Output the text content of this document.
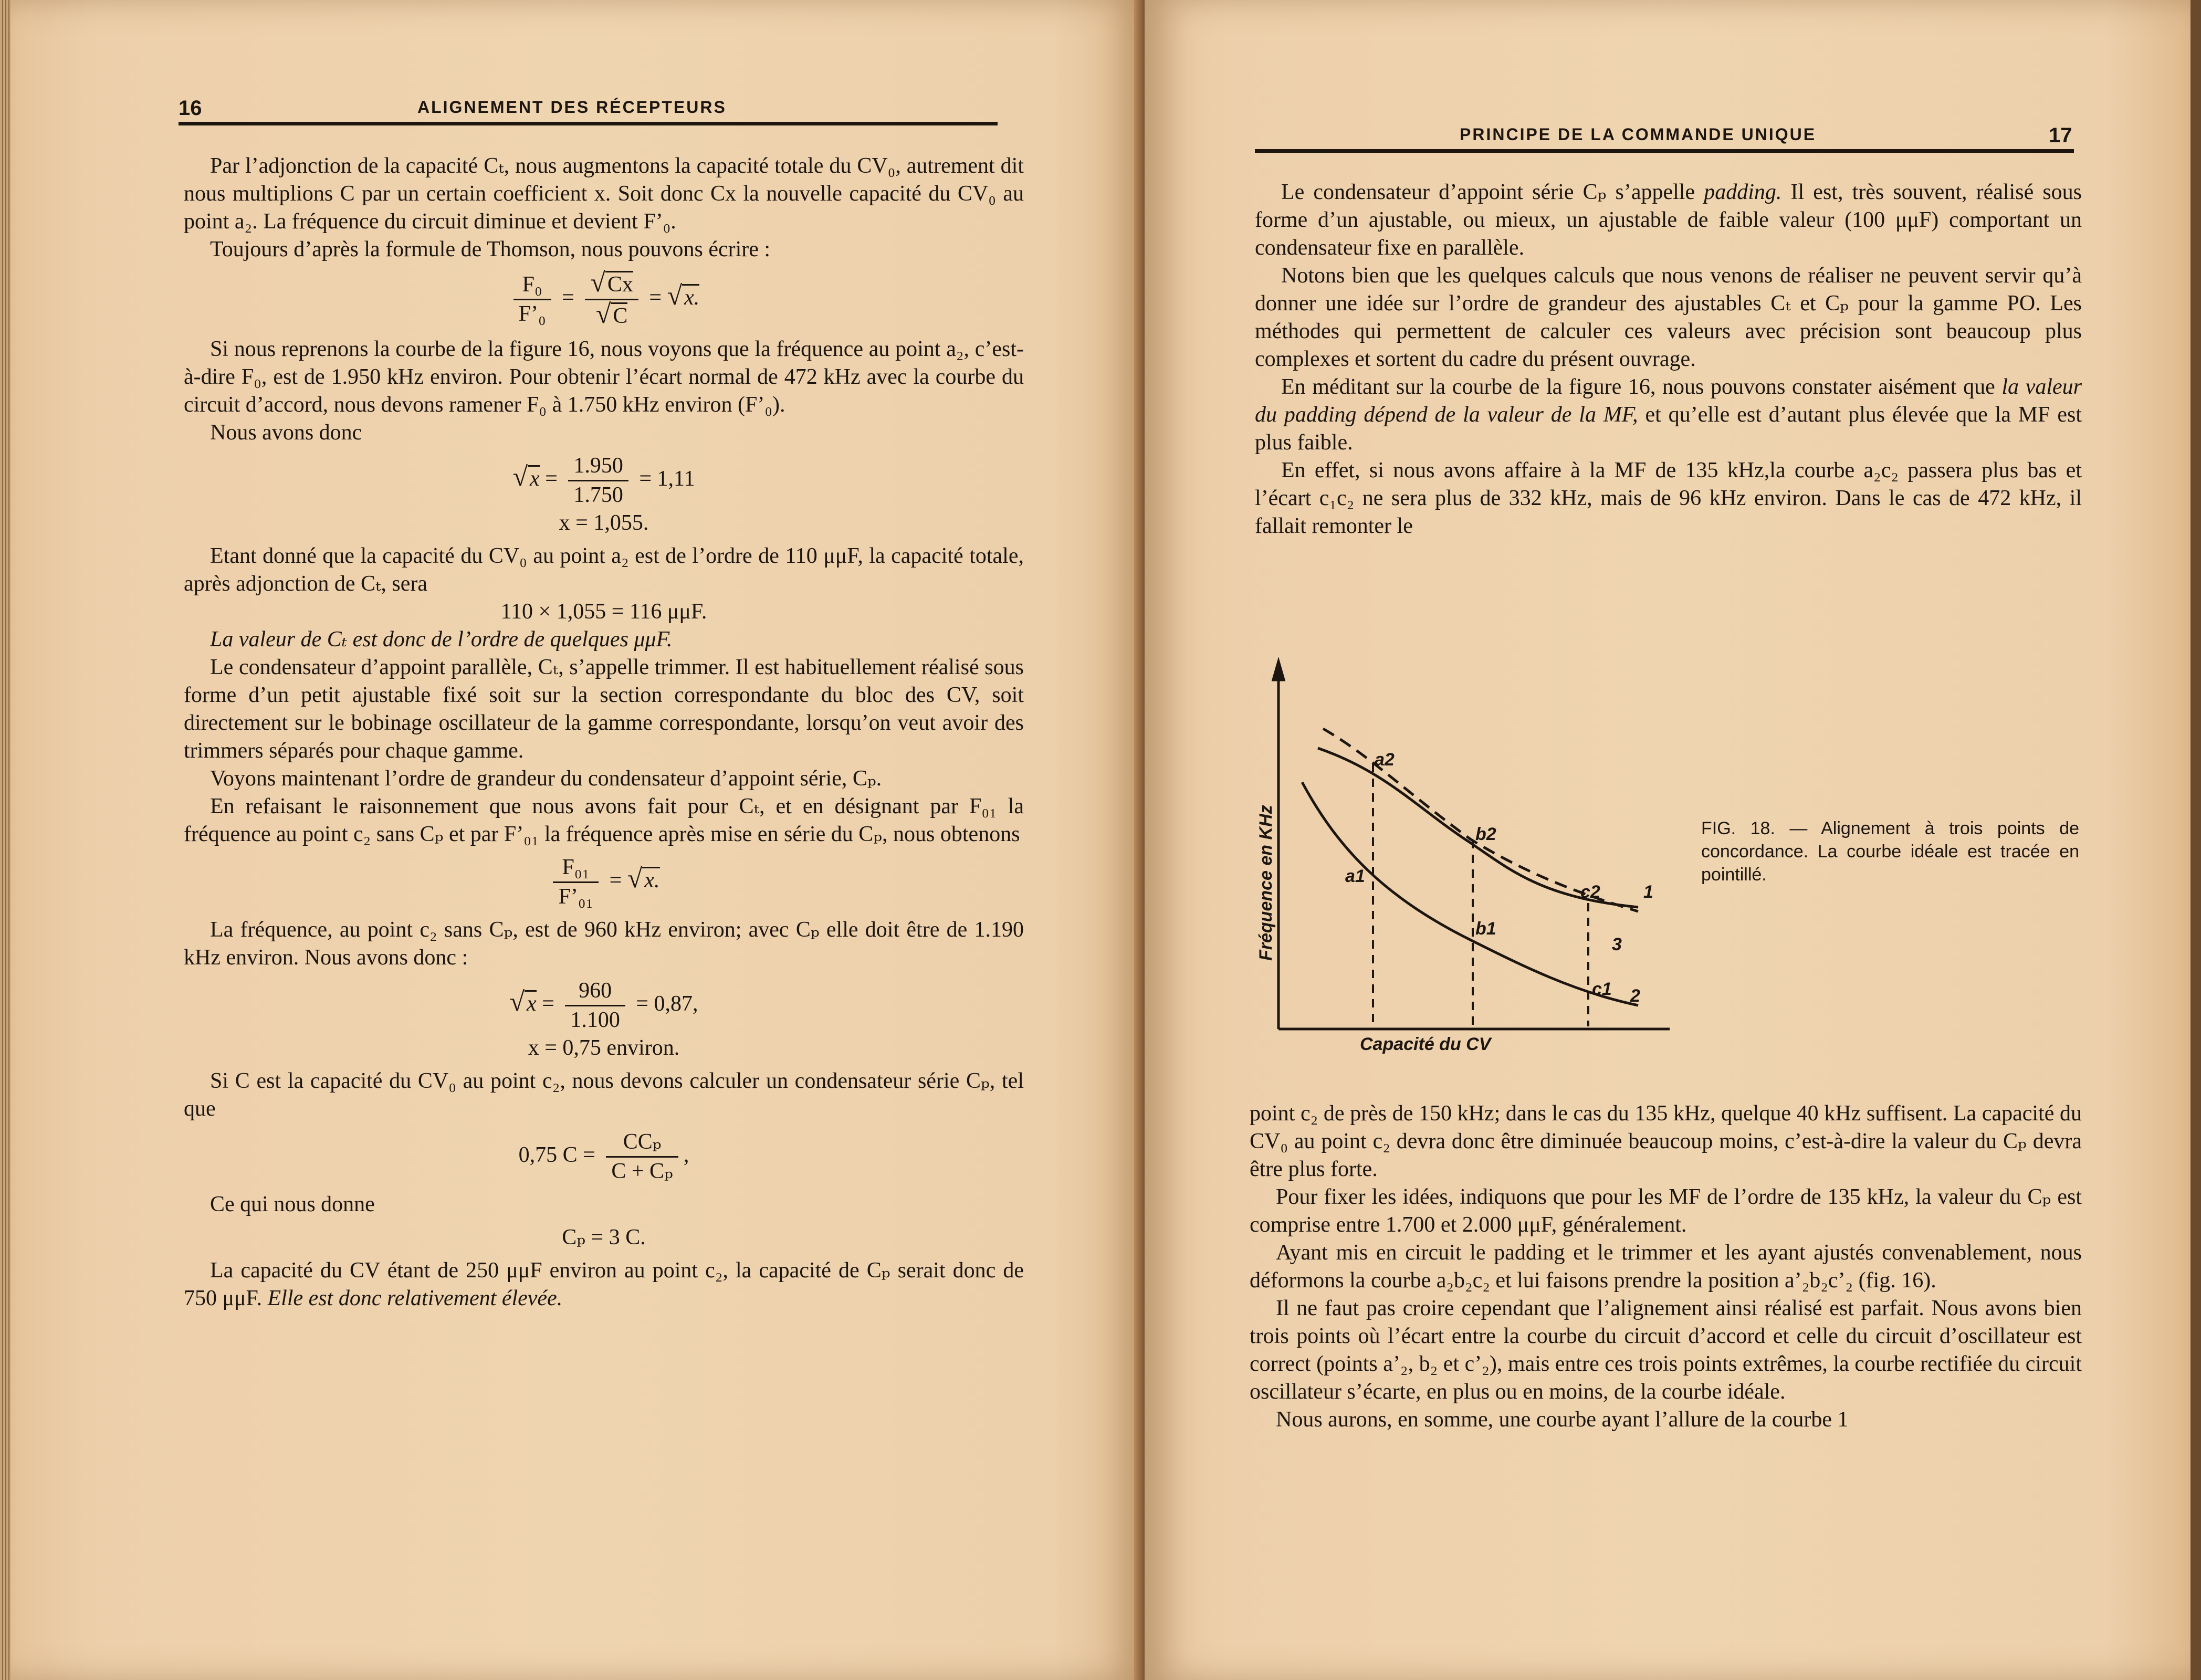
16	ALIGNEMENT DES RÉCEPTEURS

Par l’adjonction de la capacité Cₜ, nous augmentons la capacité totale du CV₀, autrement dit nous multiplions C par un certain coefficient x. Soit donc Cx la nouvelle capacité du CV₀ au point a₂. La fréquence du circuit diminue et devient F’₀.

Toujours d’après la formule de Thomson, nous pouvons écrire :

$\frac{\text{F₀}}{\text{F’₀}} = \frac{√Cx}{√C} = √x$.

Si nous reprenons la courbe de la figure 16, nous voyons que la fréquence au point a₂, c’est-à-dire F₀, est de 1.950 kHz environ. Pour obtenir l’écart normal de 472 kHz avec la courbe du circuit d’accord, nous devons ramener F₀ à 1.750 kHz environ (F’₀).

Nous avons donc

$√x = \frac{1.950}{1.750} = 1,11$
x = 1,055.

Etant donné que la capacité du CV₀ au point a₂ est de l’ordre de 110 μμF, la capacité totale, après adjonction de Cₜ, sera

110 × 1,055 = 116 μμF.

La valeur de Cₜ est donc de l’ordre de quelques μμF.

Le condensateur d’appoint parallèle, Cₜ, s’appelle trimmer. Il est habituellement réalisé sous forme d’un petit ajustable fixé soit sur la section correspondante du bloc des CV, soit directement sur le bobinage oscillateur de la gamme correspondante, lorsqu’on veut avoir des trimmers séparés pour chaque gamme.

Voyons maintenant l’ordre de grandeur du condensateur d’appoint série, Cₚ.

En refaisant le raisonnement que nous avons fait pour Cₜ, et en désignant par F₀₁ la fréquence au point c₂ sans Cₚ et par F’₀₁ la fréquence après mise en série du Cₚ, nous obtenons

$\frac{\text{F₀₁}}{\text{F’₀₁}} = √x$.

La fréquence, au point c₂ sans Cₚ, est de 960 kHz environ; avec Cₚ elle doit être de 1.190 kHz environ. Nous avons donc :

$√x = \frac{960}{1.100} = 0,87$,
x = 0,75 environ.

Si C est la capacité du CV₀ au point c₂, nous devons calculer un condensateur série Cₚ, tel que

0,75 $C = \frac{\text{CCₚ}}{\text{C + Cₚ}}$ ,

Ce qui nous donne

Cₚ = 3 C.

La capacité du CV étant de 250 μμF environ au point c₂, la capacité de Cₚ serait donc de 750 μμF. Elle est donc relativement élevée.

PRINCIPE DE LA COMMANDE UNIQUE	17

Le condensateur d’appoint série Cₚ s’appelle padding. Il est, très souvent, réalisé sous forme d’un ajustable, ou mieux, un ajustable de faible valeur (100 μμF) comportant un condensateur fixe en parallèle.

Notons bien que les quelques calculs que nous venons de réaliser ne peuvent servir qu’à donner une idée sur l’ordre de grandeur des ajustables Cₜ et Cₚ pour la gamme PO. Les méthodes qui permettent de calculer ces valeurs avec précision sont beaucoup plus complexes et sortent du cadre du présent ouvrage.

En méditant sur la courbe de la figure 16, nous pouvons constater aisément que la valeur du padding dépend de la valeur de la MF, et qu’elle est d’autant plus élevée que la MF est plus faible.

En effet, si nous avons affaire à la MF de 135 kHz,la courbe a₂c₂ passera plus bas et l’écart c₁c₂ ne sera plus de 332 kHz, mais de 96 kHz environ. Dans le cas de 472 kHz, il fallait remonter le

point c₂ de près de 150 kHz; dans le cas du 135 kHz, quelque 40 kHz suffisent. La capacité du CV₀ au point c₂ devra donc être diminuée beaucoup moins, c’est-à-dire la valeur du Cₚ devra être plus forte.

Pour fixer les idées, indiquons que pour les MF de l’ordre de 135 kHz, la valeur du Cₚ est comprise entre 1.700 et 2.000 μμF, généralement.

Ayant mis en circuit le padding et le trimmer et les ayant ajustés convenablement, nous déformons la courbe a₂b₂c₂ et lui faisons prendre la position a’₂b₂c’₂ (fig. 16).

Il ne faut pas croire cependant que l’alignement ainsi réalisé est parfait. Nous avons bien trois points où l’écart entre la courbe du circuit d’accord et celle du circuit d’oscillateur est correct (points a’₂, b₂ et c’₂), mais entre ces trois points extrêmes, la courbe rectifiée du circuit oscillateur s’écarte, en plus ou en moins, de la courbe idéale.

Nous aurons, en somme, une courbe ayant l’allure de la courbe 1

a2
a1
b2
b1
c2
c1
1
2
3
Capacité du CV
Fréquence en KHz	FIG. 18. — Alignement à trois points de concordance. La courbe idéale est tracée en pointillé.
